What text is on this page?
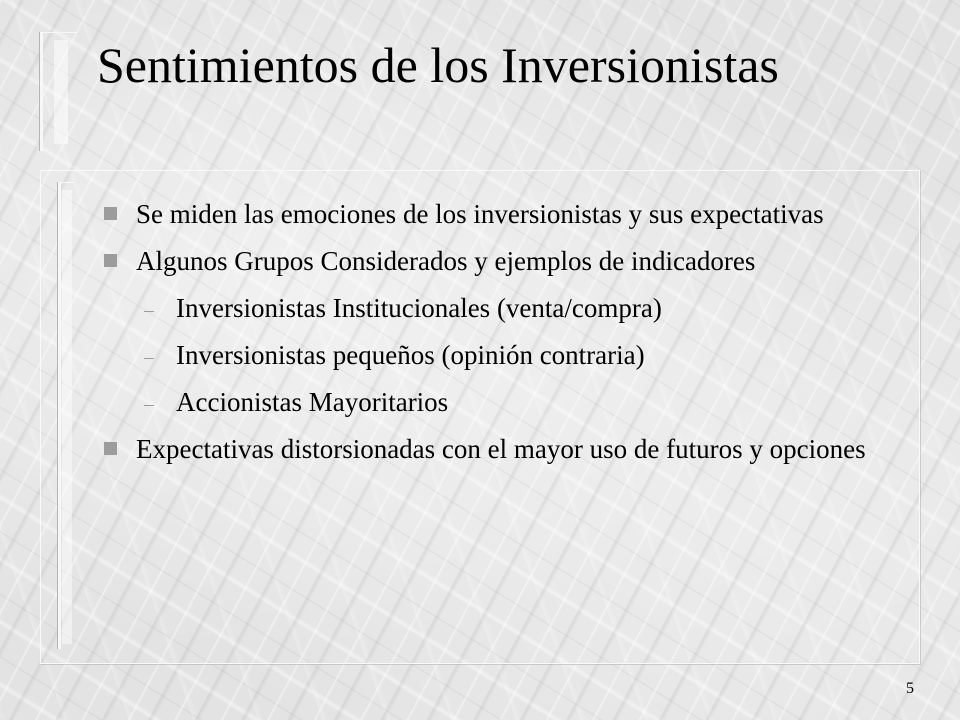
Sentimientos de los Inversionistas
Se miden las emociones de los inversionistas y sus expectativas
Algunos Grupos Considerados y ejemplos de indicadores
Inversionistas Institucionales (venta/compra)
Inversionistas pequeños (opinión contraria)
Accionistas Mayoritarios
Expectativas distorsionadas con el mayor uso de futuros y opciones
5
